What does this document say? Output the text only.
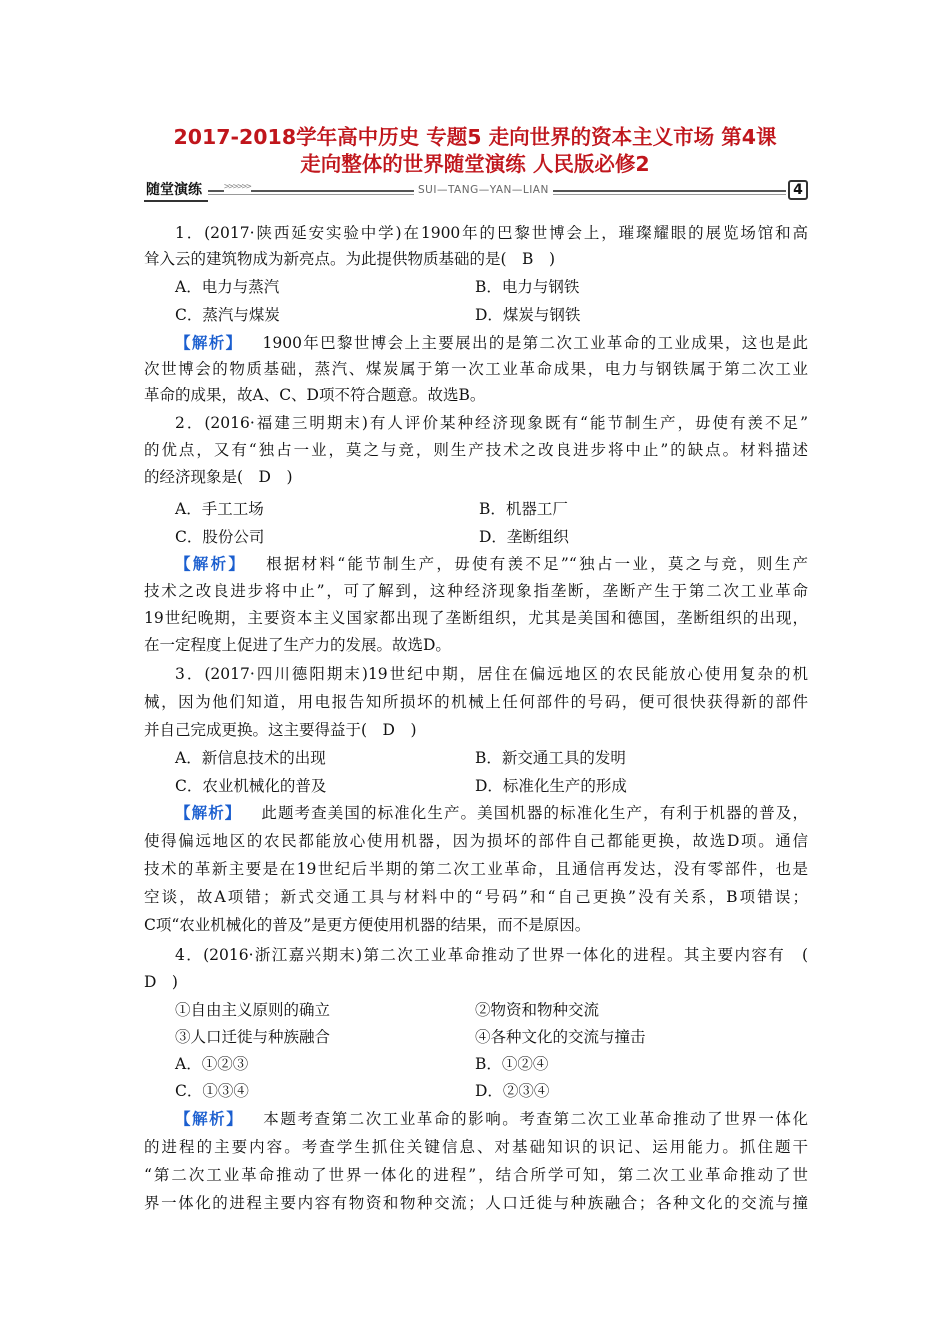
2017-2018学年高中历史 专题5 走向世界的资本主义市场 第4课
走向整体的世界随堂演练 人民版必修2
随堂演练	>>>>>>	SUI—TANG—YAN—LIAN	4
1．(2017·陕西延安实验中学)在1900年的巴黎世博会上，璀璨耀眼的展览场馆和高
耸入云的建筑物成为新亮点。为此提供物质基础的是(　B　)
A．电力与蒸汽	B．电力与钢铁
C．蒸汽与煤炭	D．煤炭与钢铁
【解析】 1900年巴黎世博会上主要展出的是第二次工业革命的工业成果，这也是此
次世博会的物质基础，蒸汽、煤炭属于第一次工业革命成果，电力与钢铁属于第二次工业
革命的成果，故A、C、D项不符合题意。故选B。
2．(2016·福建三明期末)有人评价某种经济现象既有“能节制生产，毋使有羡不足”
的优点，又有“独占一业，莫之与竞，则生产技术之改良进步将中止”的缺点。材料描述
的经济现象是(　D　)
A．手工工场	B．机器工厂
C．股份公司	D．垄断组织
【解析】 根据材料“能节制生产，毋使有羡不足”“独占一业，莫之与竞，则生产
技术之改良进步将中止”，可了解到，这种经济现象指垄断，垄断产生于第二次工业革命
19世纪晚期，主要资本主义国家都出现了垄断组织，尤其是美国和德国，垄断组织的出现，
在一定程度上促进了生产力的发展。故选D。
3．(2017·四川德阳期末)19世纪中期，居住在偏远地区的农民能放心使用复杂的机
械，因为他们知道，用电报告知所损坏的机械上任何部件的号码，便可很快获得新的部件
并自己完成更换。这主要得益于(　D　)
A．新信息技术的出现	B．新交通工具的发明
C．农业机械化的普及	D．标准化生产的形成
【解析】 此题考查美国的标准化生产。美国机器的标准化生产，有利于机器的普及，
使得偏远地区的农民都能放心使用机器，因为损坏的部件自己都能更换，故选D项。通信
技术的革新主要是在19世纪后半期的第二次工业革命，且通信再发达，没有零部件，也是
空谈，故A项错；新式交通工具与材料中的“号码”和“自己更换”没有关系，B项错误；
C项“农业机械化的普及”是更方便使用机器的结果，而不是原因。
4．(2016·浙江嘉兴期末)第二次工业革命推动了世界一体化的进程。其主要内容有　(
D　)
①自由主义原则的确立	②物资和物种交流
③人口迁徙与种族融合	④各种文化的交流与撞击
A．①②③	B．①②④
C．①③④	D．②③④
【解析】 本题考查第二次工业革命的影响。考查第二次工业革命推动了世界一体化
的进程的主要内容。考查学生抓住关键信息、对基础知识的识记、运用能力。抓住题干
“第二次工业革命推动了世界一体化的进程”，结合所学可知，第二次工业革命推动了世
界一体化的进程主要内容有物资和物种交流；人口迁徙与种族融合；各种文化的交流与撞
